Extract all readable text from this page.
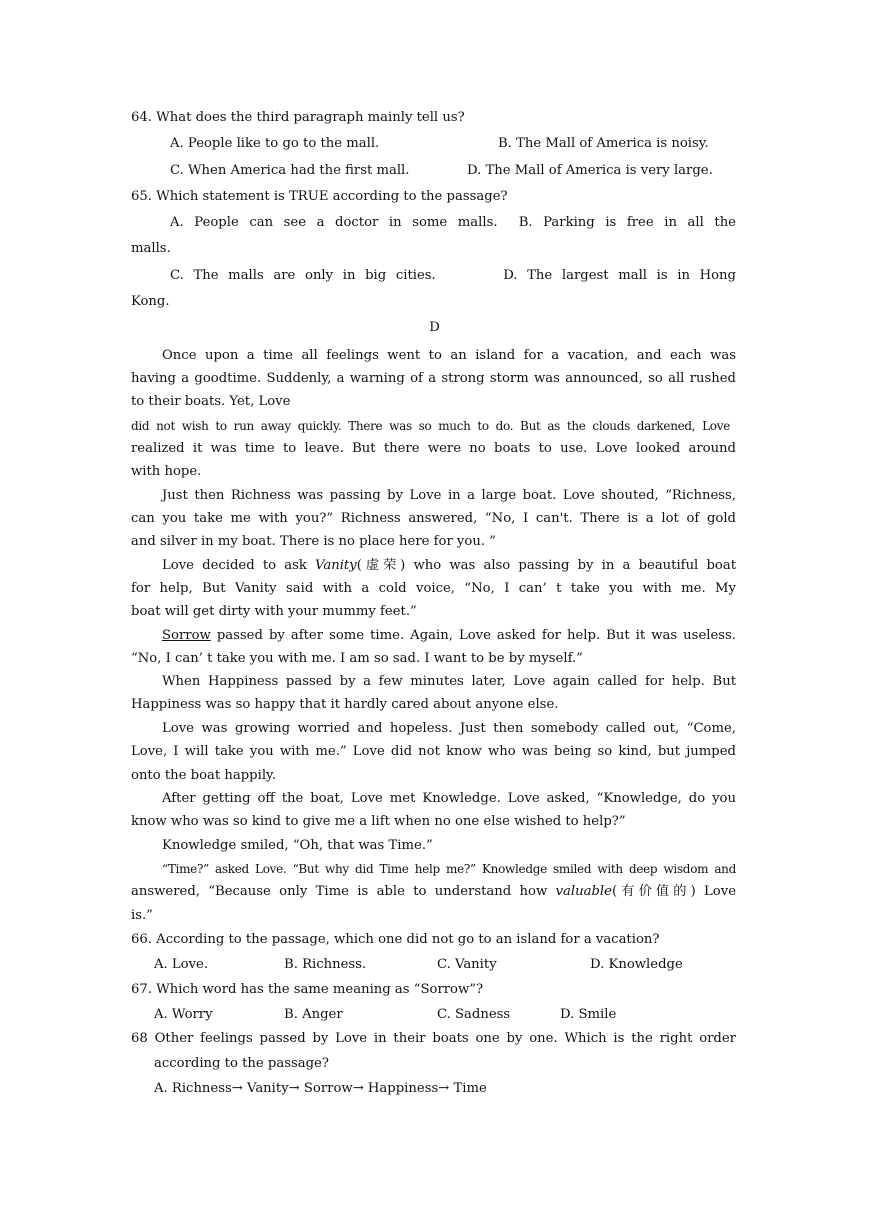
64. What does the third paragraph mainly tell us?
A. People like to go to the mall.	B. The Mall of America is noisy.
C. When America had the first mall.	D. The Mall of America is very large.
65. Which statement is TRUE according to the passage?
A. People can see a doctor in some malls.  B. Parking is free in all the
malls.
C. The malls are only in big cities.       D. The largest mall is in Hong
Kong.
D
Once upon a time all feelings went to an island for a vacation, and each was
having a goodtime. Suddenly, a warning of a strong storm was announced, so all rushed
to their boats. Yet, Love
did not wish to run away quickly. There was so much to do. But as the clouds darkened, Love
realized it was time to leave. But there were no boats to use. Love looked around
with hope.
Just then Richness was passing by Love in a large boat. Love shouted, “Richness,
can you take me with you?” Richness answered, “No, I can't. There is a lot of gold
and silver in my boat. There is no place here for you. ”
Love decided to ask Vanity(虚荣) who was also passing by in a beautiful boat
for help, But Vanity said with a cold voice, “No, I can’ t take you with me. My
boat will get dirty with your mummy feet.”
Sorrow passed by after some time. Again, Love asked for help. But it was useless.
“No, I can’ t take you with me. I am so sad. I want to be by myself.”
When Happiness passed by a few minutes later, Love again called for help. But
Happiness was so happy that it hardly cared about anyone else.
Love was growing worried and hopeless. Just then somebody called out, “Come,
Love, I will take you with me.” Love did not know who was being so kind, but jumped
onto the boat happily.
After getting off the boat, Love met Knowledge. Love asked, “Knowledge, do you
know who was so kind to give me a lift when no one else wished to help?”
Knowledge smiled, “Oh, that was Time.”
“Time?” asked Love. “But why did Time help me?” Knowledge smiled with deep wisdom and
answered, “Because only Time is able to understand how valuable(有价值的) Love
is.”
66. According to the passage, which one did not go to an island for a vacation?
A. Love.	B. Richness.	C. Vanity	D. Knowledge
67. Which word has the same meaning as “Sorrow”?
A. Worry	B. Anger	C. Sadness	D. Smile
68 Other feelings passed by Love in their boats one by one. Which is the right order
according to the passage?
A. Richness→ Vanity→ Sorrow→ Happiness→ Time
